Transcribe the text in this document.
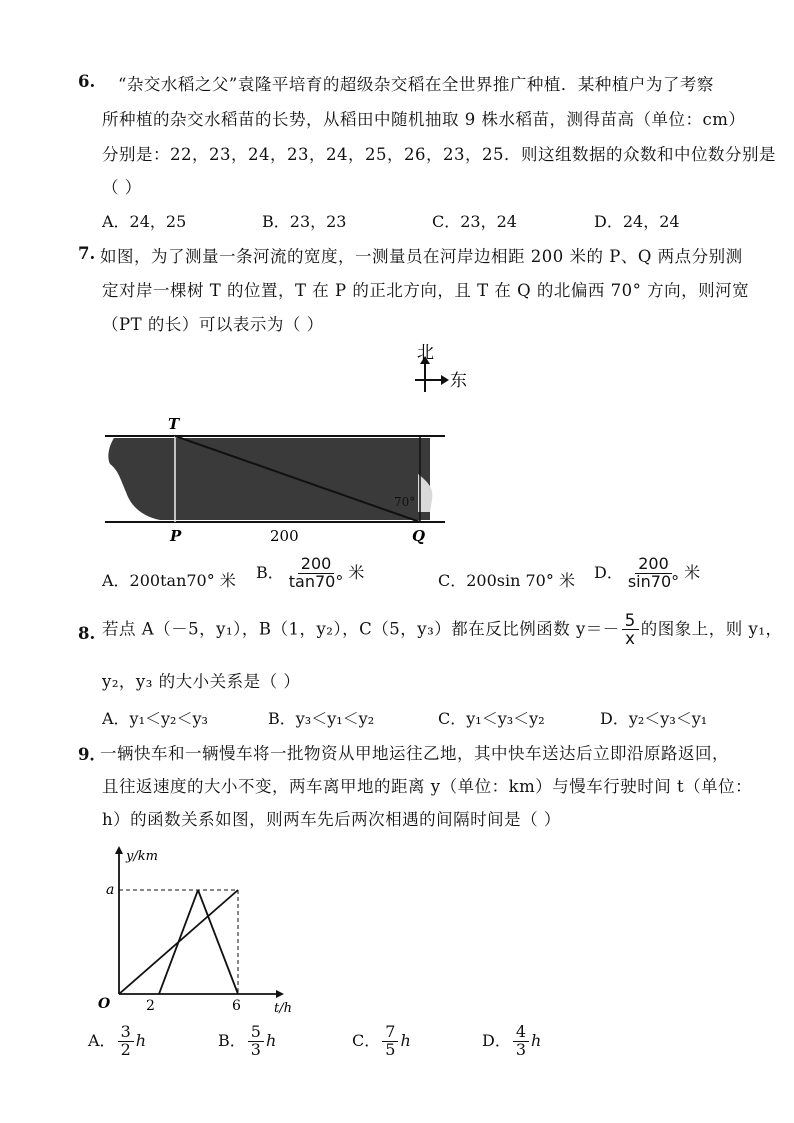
6. “杂交水稻之父”袁隆平培育的超级杂交稻在全世界推广种植．某种植户为了考察
所种植的杂交水稻苗的长势，从稻田中随机抽取 9 株水稻苗，测得苗高（单位：cm）
分别是：22，23，24，23，24，25，26，23，25．则这组数据的众数和中位数分别是
（ ）
A．24，25	B．23，23	C．23，24	D．24，24
7. 如图，为了测量一条河流的宽度，一测量员在河岸边相距 200 米的 P、Q 两点分别测
定对岸一棵树 T 的位置，T 在 P 的正北方向，且 T 在 Q 的北偏西 70° 方向，则河宽
（PT 的长）可以表示为（ ）
北
东
70°
T
P	Q
200
A．200tan70° 米 B． $\frac{200}{\tan 70^\circ}$ 米	C．200sin 70° 米 D． $\frac{200}{\sin 70^\circ}$ 米
8. 若点 A（－5，y₁），B（1，y₂），C（5，y₃）都在反比例函数 $y=- \frac{5}{x}$ 的图象上，则 y₁，
y₂，y₃ 的大小关系是（ ）
A．y₁＜y₂＜y₃	B．y₃＜y₁＜y₂	C．y₁＜y₃＜y₂	D．y₂＜y₃＜y₁
9．
一辆快车和一辆慢车将一批物资从甲地运往乙地，其中快车送达后立即沿原路返回，
且往返速度的大小不变，两车离甲地的距离 y（单位：km）与慢车行驶时间 t（单位：
h）的函数关系如图，则两车先后两次相遇的间隔时间是（ ）
y/km
t/h
O
a
2	6
A． $\frac{3}{2}$ h	B． $\frac{5}{3}$ h	C． $\frac{7}{5}$ h	D． $\frac{4}{3}$ h
